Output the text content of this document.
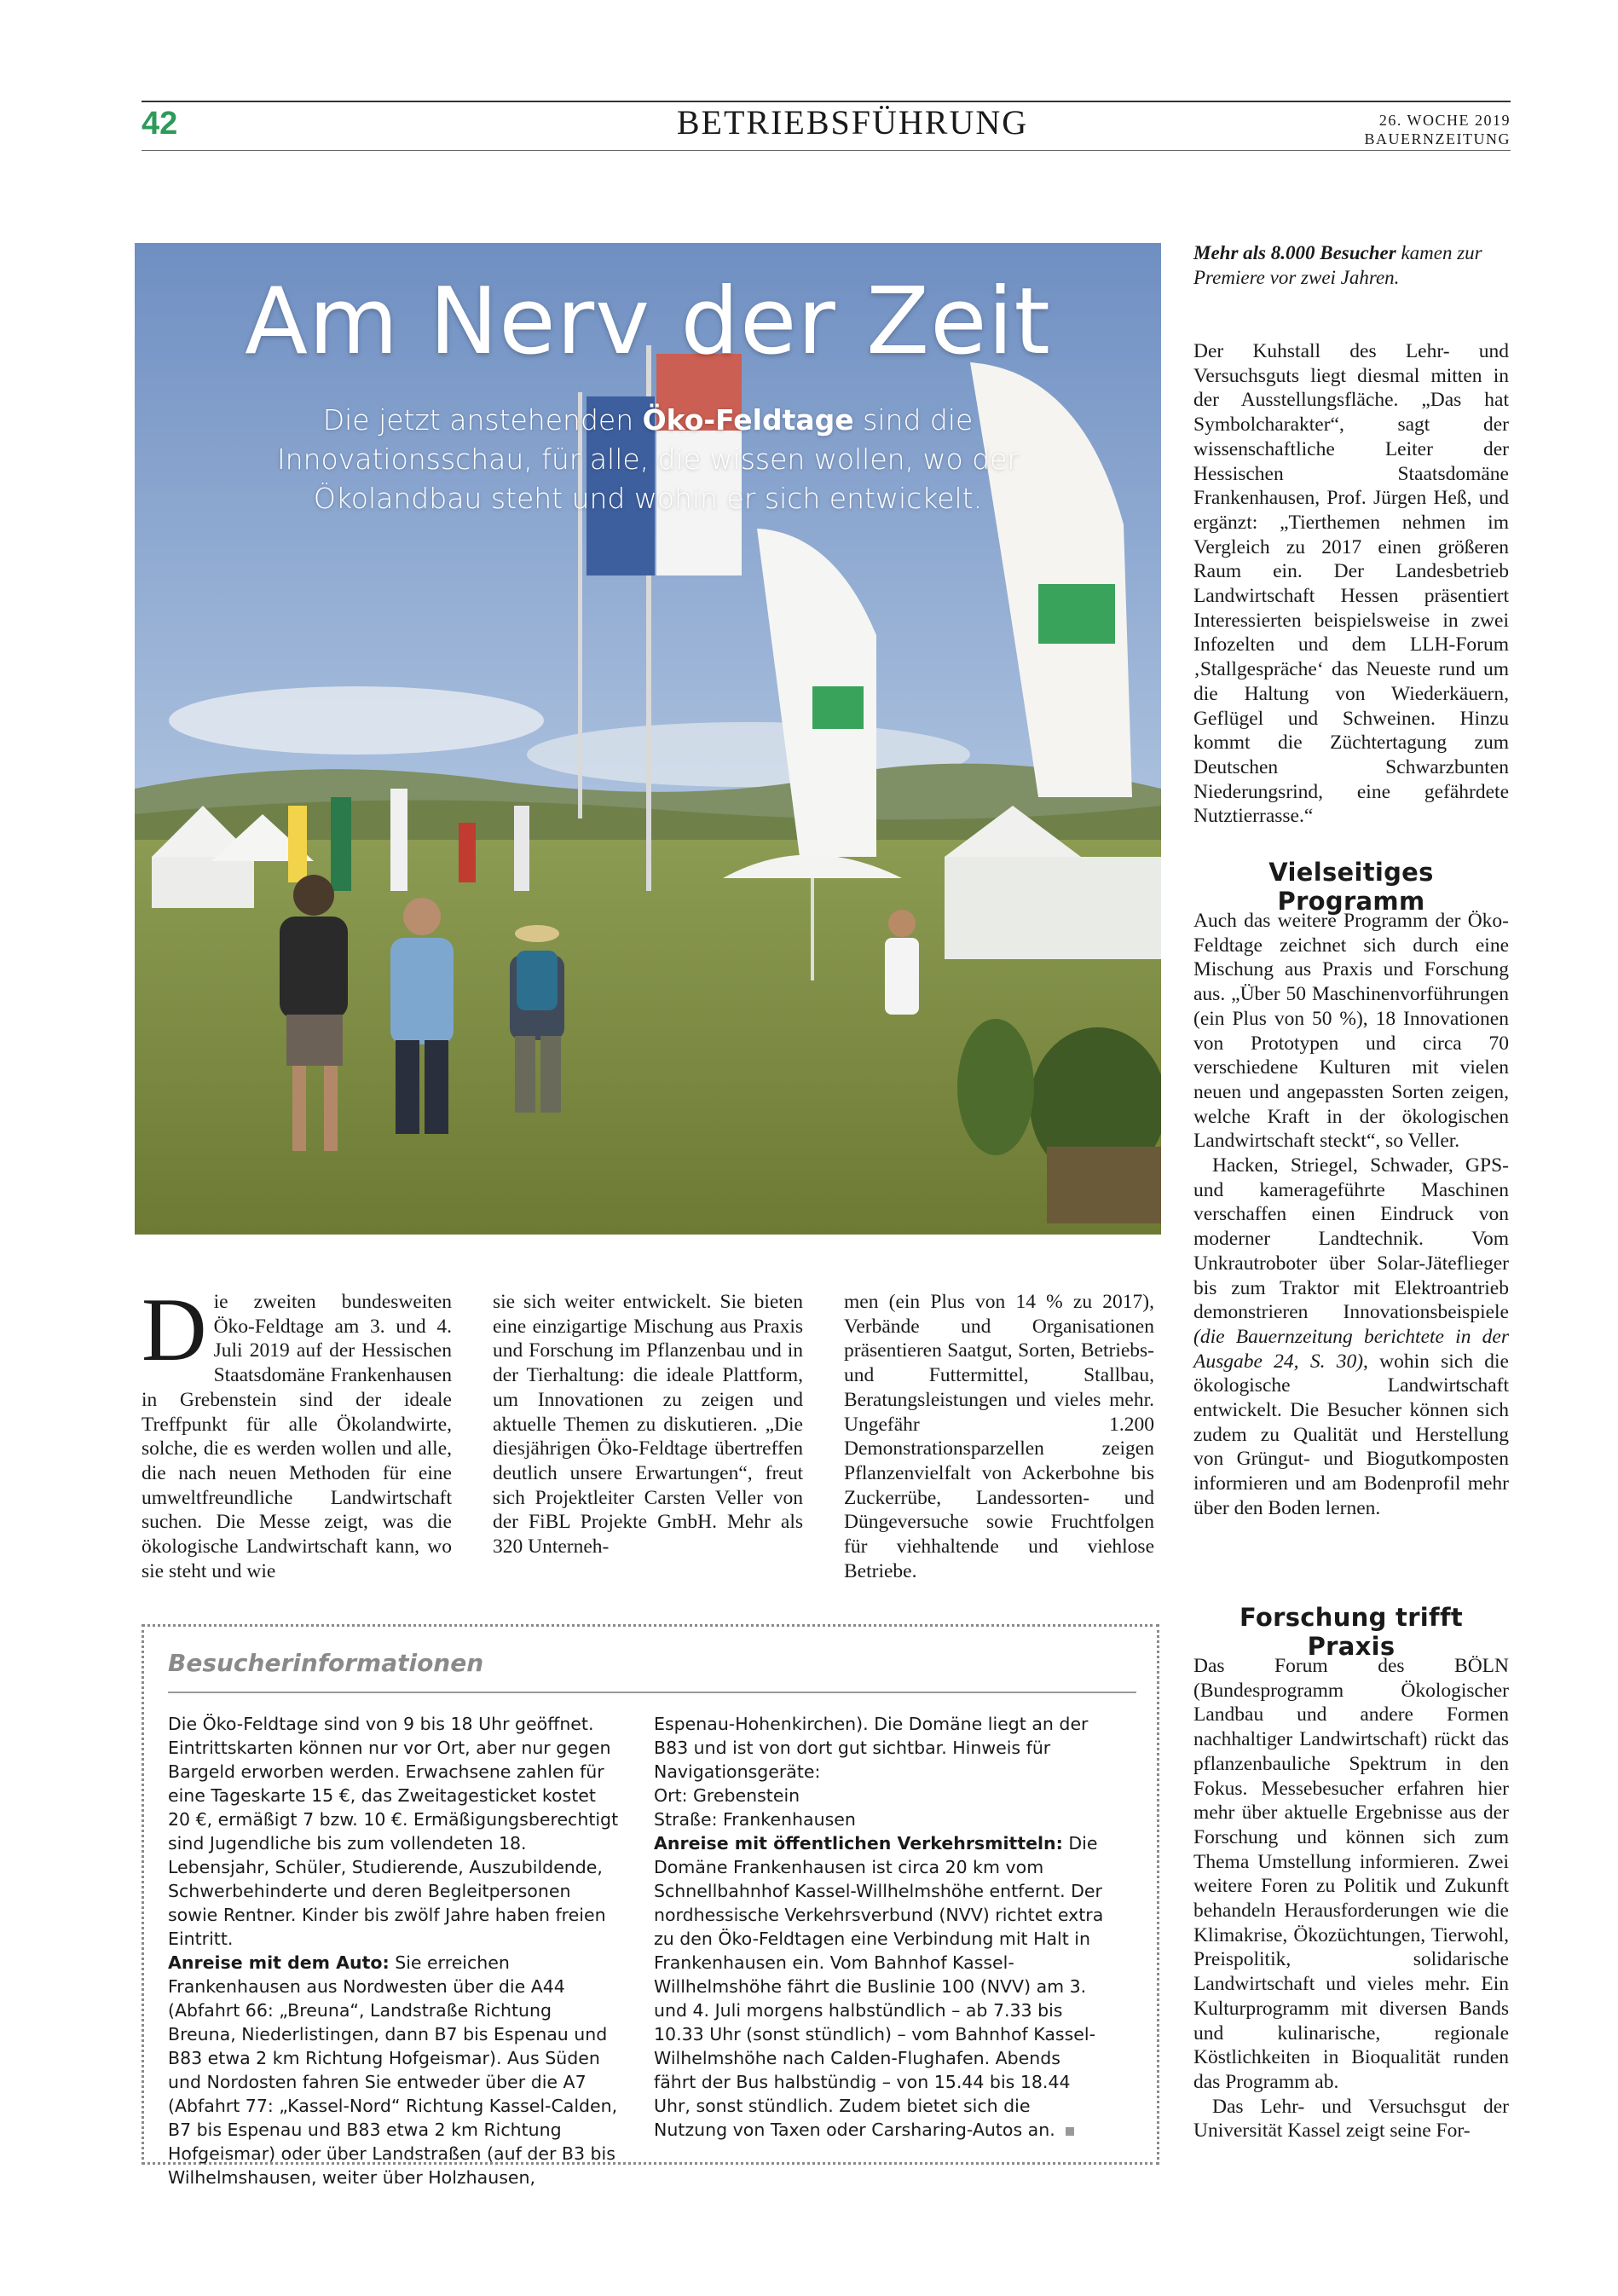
42	BETRIEBSFÜHRUNG	26. WOCHE 2019
BAUERNZEITUNG
Am Nerv der Zeit
Die jetzt anstehenden Öko-Feldtage sind die Innovationsschau, für alle, die wissen wollen, wo der Ökolandbau steht und wohin er sich entwickelt.
D ie zweiten bundesweiten Öko-Feldtage am 3. und 4. Juli 2019 auf der Hessischen Staatsdomäne Frankenhausen in Grebenstein sind der ideale Treffpunkt für alle Ökolandwirte, solche, die es werden wollen und alle, die nach neuen Methoden für eine umweltfreundliche Landwirtschaft suchen. Die Messe zeigt, was die ökologische Landwirtschaft kann, wo sie steht und wie

sie sich weiter entwickelt. Sie bieten eine einzigartige Mischung aus Praxis und Forschung im Pflanzenbau und in der Tierhaltung: die ideale Plattform, um Innovationen zu zeigen und aktuelle Themen zu diskutieren. „Die diesjährigen Öko-Feldtage übertreffen deutlich unsere Erwartungen“, freut sich Projektleiter Carsten Veller von der FiBL Projekte GmbH. Mehr als 320 Unterneh-

men (ein Plus von 14 % zu 2017), Verbände und Organisationen präsentieren Saatgut, Sorten, Betriebs- und Futtermittel, Stallbau, Beratungsleistungen und vieles mehr. Ungefähr 1.200 Demonstrationsparzellen zeigen Pflanzenvielfalt von Ackerbohne bis Zuckerrübe, Landessorten- und Düngeversuche sowie Fruchtfolgen für viehhaltende und viehlose Betriebe.

Mehr als 8.000 Besucher kamen zur Premiere vor zwei Jahren.

Der Kuhstall des Lehr- und Versuchsguts liegt diesmal mitten in der Ausstellungsfläche. „Das hat Symbolcharakter“, sagt der wissenschaftliche Leiter der Hessischen Staatsdomäne Frankenhausen, Prof. Jürgen Heß, und ergänzt: „Tierthemen nehmen im Vergleich zu 2017 einen größeren Raum ein. Der Landesbetrieb Landwirtschaft Hessen präsentiert Interessierten beispielsweise in zwei Infozelten und dem LLH-Forum ‚Stallgespräche‘ das Neueste rund um die Haltung von Wiederkäuern, Geflügel und Schweinen. Hinzu kommt die Züchtertagung zum Deutschen Schwarzbunten Niederungsrind, eine gefährdete Nutztierrasse.“

Vielseitiges Programm

Auch das weitere Programm der Öko-Feldtage zeichnet sich durch eine Mischung aus Praxis und Forschung aus. „Über 50 Maschinenvorführungen (ein Plus von 50 %), 18 Innovationen von Prototypen und circa 70 verschiedene Kulturen mit vielen neuen und angepassten Sorten zeigen, welche Kraft in der ökologischen Landwirtschaft steckt“, so Veller.

Hacken, Striegel, Schwader, GPS- und kamerageführte Maschinen verschaffen einen Eindruck von moderner Landtechnik. Vom Unkrautroboter über Solar-Jäteflieger bis zum Traktor mit Elektroantrieb demonstrieren Innovationsbeispiele (die Bauernzeitung berichtete in der Ausgabe 24, S. 30), wohin sich die ökologische Landwirtschaft entwickelt. Die Besucher können sich zudem zu Qualität und Herstellung von Grüngut- und Biogutkomposten informieren und am Bodenprofil mehr über den Boden lernen.

Forschung trifft Praxis

Das Forum des BÖLN (Bundesprogramm Ökologischer Landbau und andere Formen nachhaltiger Landwirtschaft) rückt das pflanzenbauliche Spektrum in den Fokus. Messebesucher erfahren hier mehr über aktuelle Ergebnisse aus der Forschung und können sich zum Thema Umstellung informieren. Zwei weitere Foren zu Politik und Zukunft behandeln Herausforderungen wie die Klimakrise, Ökozüchtungen, Tierwohl, Preispolitik, solidarische Landwirtschaft und vieles mehr. Ein Kulturprogramm mit diversen Bands und kulinarische, regionale Köstlichkeiten in Bioqualität runden das Programm ab.

Das Lehr- und Versuchsgut der Universität Kassel zeigt seine For-

Besucherinformationen

Die Öko-Feldtage sind von 9 bis 18 Uhr geöffnet. Eintrittskarten können nur vor Ort, aber nur gegen Bargeld erworben werden. Erwachsene zahlen für eine Tageskarte 15 €, das Zweitagesticket kostet 20 €, ermäßigt 7 bzw. 10 €. Ermäßigungsberechtigt sind Jugendliche bis zum vollendeten 18. Lebensjahr, Schüler, Studierende, Auszubildende, Schwerbehinderte und deren Begleitpersonen sowie Rentner. Kinder bis zwölf Jahre haben freien Eintritt.

Anreise mit dem Auto: Sie erreichen Frankenhausen aus Nordwesten über die A44 (Abfahrt 66: „Breuna“, Landstraße Richtung Breuna, Niederlistingen, dann B7 bis Espenau und B83 etwa 2 km Richtung Hofgeismar). Aus Süden und Nordosten fahren Sie entweder über die A7 (Abfahrt 77: „Kassel-Nord“ Richtung Kassel-Calden, B7 bis Espenau und B83 etwa 2 km Richtung Hofgeismar) oder über Landstraßen (auf der B3 bis Wilhelmshausen, weiter über Holzhausen,

Espenau-Hohenkirchen). Die Domäne liegt an der B83 und ist von dort gut sichtbar. Hinweis für Navigationsgeräte:

Ort: Grebenstein

Straße: Frankenhausen

Anreise mit öffentlichen Verkehrsmitteln: Die Domäne Frankenhausen ist circa 20 km vom Schnellbahnhof Kassel-Willhelmshöhe entfernt. Der nordhessische Verkehrsverbund (NVV) richtet extra zu den Öko-Feldtagen eine Verbindung mit Halt in Frankenhausen ein. Vom Bahnhof Kassel-Willhelmshöhe fährt die Buslinie 100 (NVV) am 3. und 4. Juli morgens halbstündlich – ab 7.33 bis 10.33 Uhr (sonst stündlich) – vom Bahnhof Kassel-Wilhelmshöhe nach Calden-Flughafen. Abends fährt der Bus halbstündig – von 15.44 bis 18.44 Uhr, sonst stündlich. Zudem bietet sich die Nutzung von Taxen oder Carsharing-Autos an.
